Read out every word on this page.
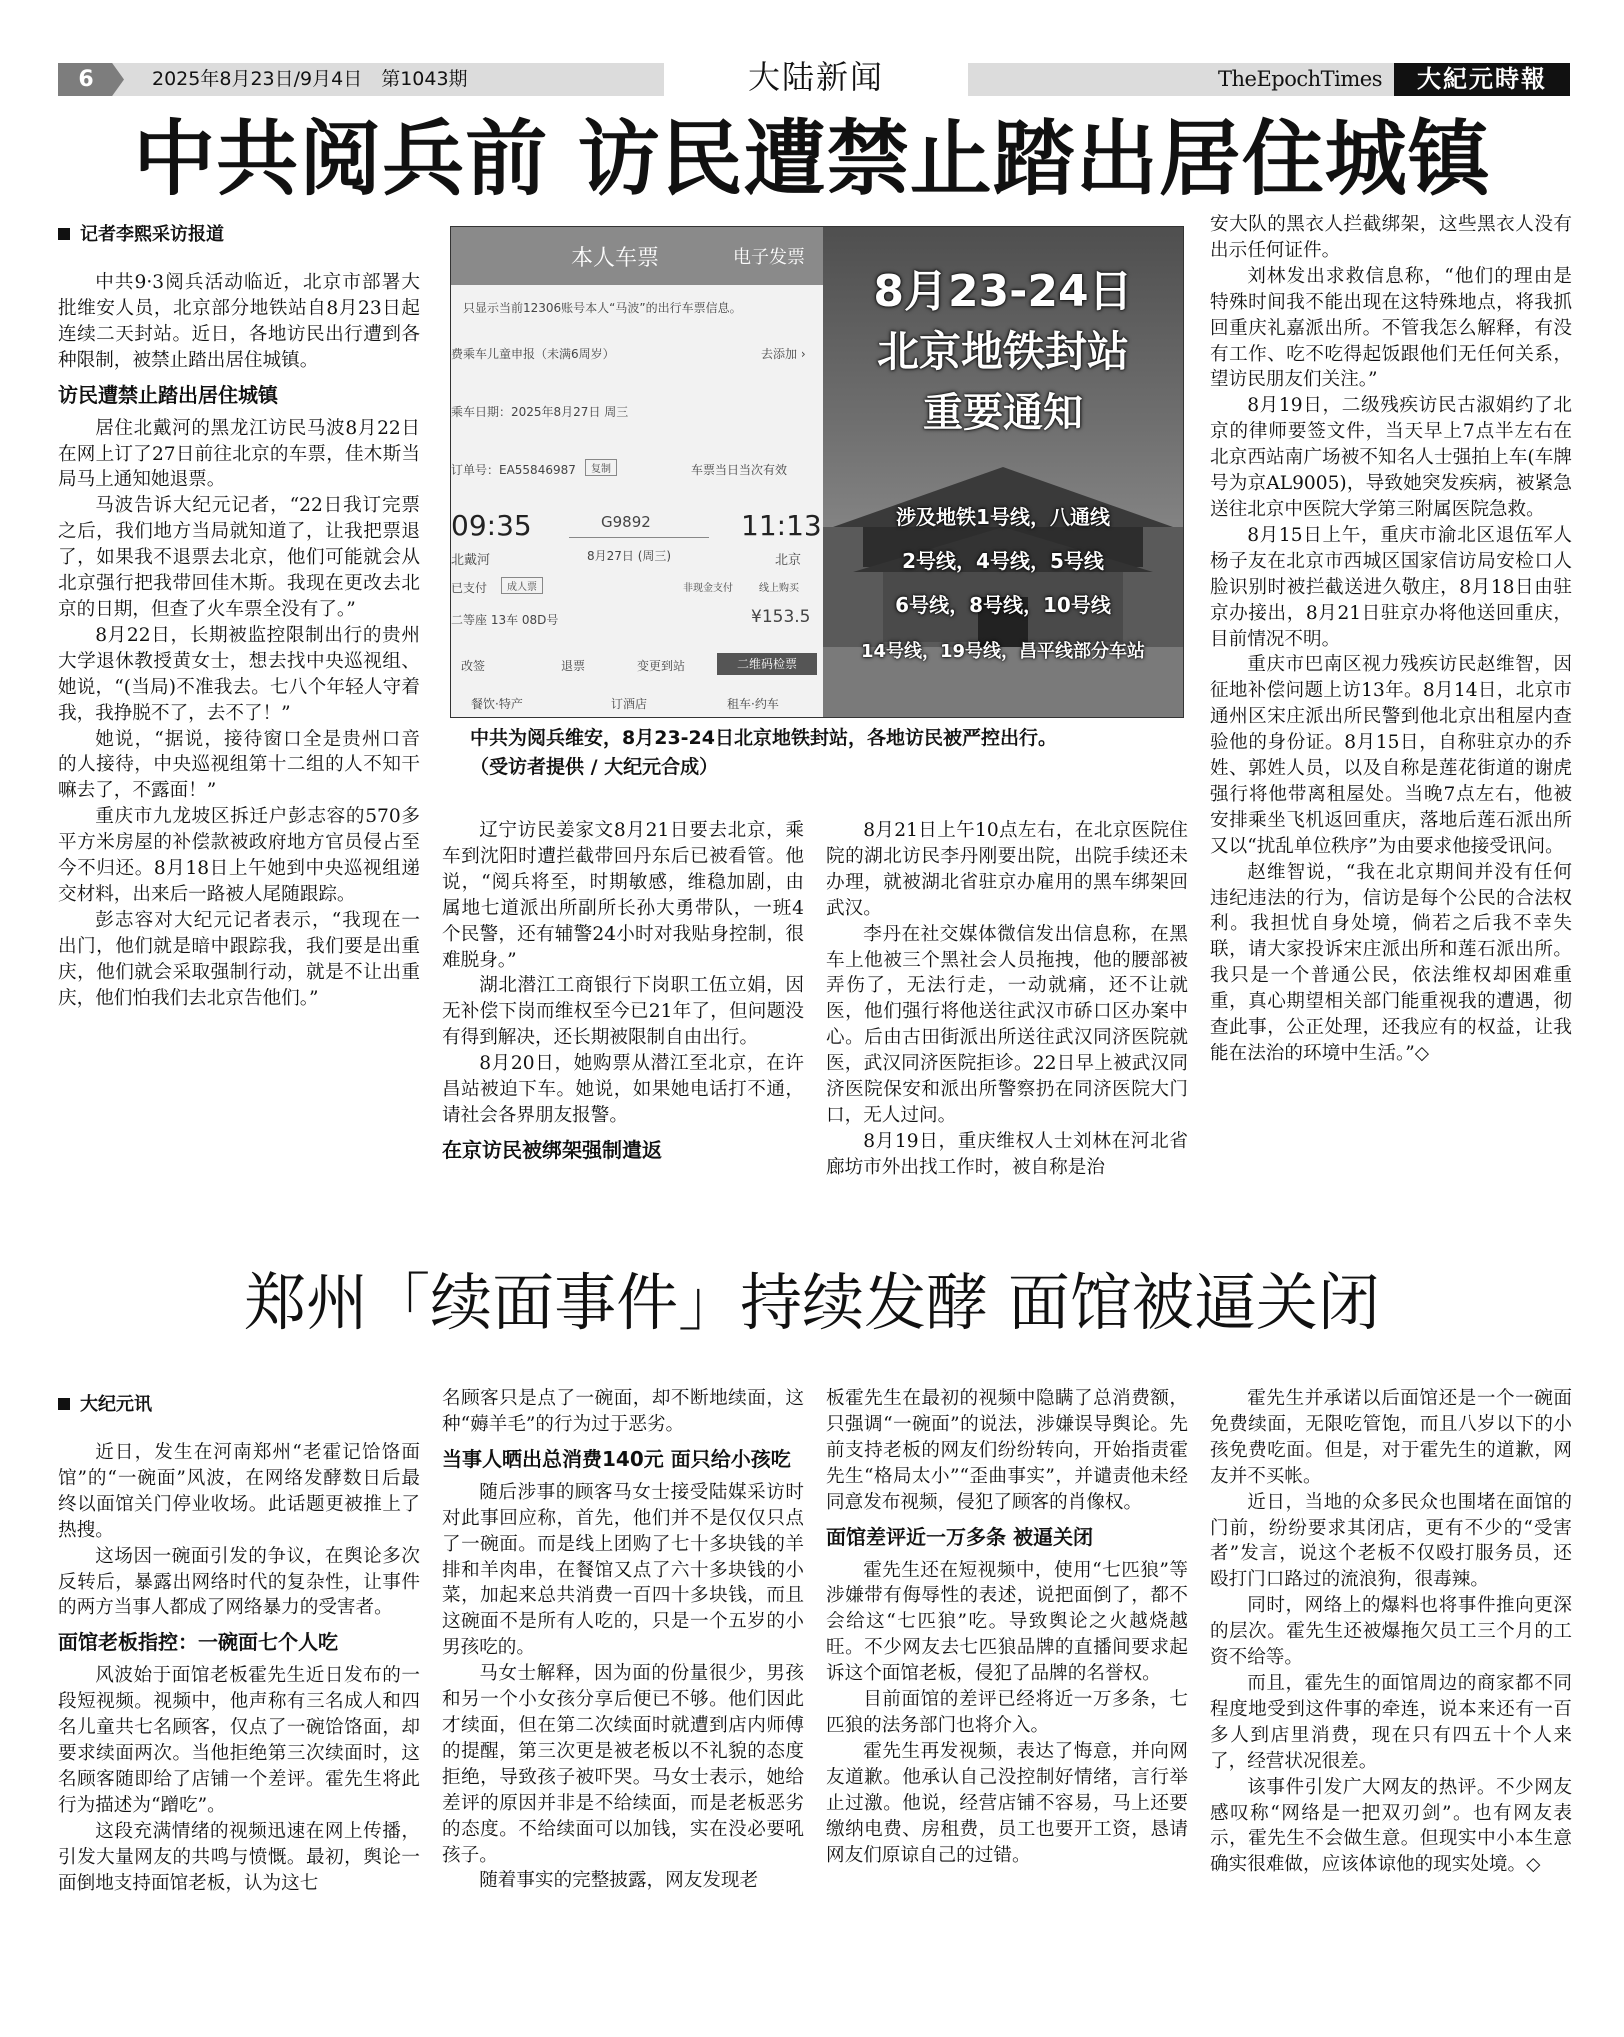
6	2025年8月23日/9月4日　第1043期	大陆新闻	TheEpochTimes	大紀元時報
中共阅兵前 访民遭禁止踏出居住城镇

记者李熙采访报道

中共9·3阅兵活动临近，北京市部署大批维安人员，北京部分地铁站自8月23日起连续二天封站。近日，各地访民出行遭到各种限制，被禁止踏出居住城镇。

访民遭禁止踏出居住城镇

居住北戴河的黑龙江访民马波8月22日在网上订了27日前往北京的车票，佳木斯当局马上通知她退票。

马波告诉大纪元记者，“22日我订完票之后，我们地方当局就知道了，让我把票退了，如果我不退票去北京，他们可能就会从北京强行把我带回佳木斯。我现在更改去北京的日期，但查了火车票全没有了。”

8月22日，长期被监控限制出行的贵州大学退休教授黄女士，想去找中央巡视组、她说，“(当局)不准我去。七八个年轻人守着我，我挣脱不了，去不了！”

她说，“据说，接待窗口全是贵州口音的人接待，中央巡视组第十二组的人不知干嘛去了，不露面！”

重庆市九龙坡区拆迁户彭志容的570多平方米房屋的补偿款被政府地方官员侵占至今不归还。8月18日上午她到中央巡视组递交材料，出来后一路被人尾随跟踪。

彭志容对大纪元记者表示，“我现在一出门，他们就是暗中跟踪我，我们要是出重庆，他们就会采取强制行动，就是不让出重庆，他们怕我们去北京告他们。”

本人车票	电子发票
只显示当前12306账号本人“马波”的出行车票信息。
费乘车儿童申报（未满6周岁）	去添加 ›
乘车日期：2025年8月27日 周三
订单号：EA55846987	复制	车票当日当次有效
09:35	G9892	11:13
北戴河	8月27日 (周三)	北京
已支付	成人票	非现金支付	线上购买
二等座 13车 08D号	¥153.5
改签	退票	变更到站	二维码检票
餐饮·特产	订酒店	租车·约车
8月23-24日
北京地铁封站
重要通知
涉及地铁1号线，八通线
2号线，4号线，5号线
6号线，8号线，10号线
14号线，19号线，昌平线部分车站
中共为阅兵维安，8月23-24日北京地铁封站，各地访民被严控出行。
（受访者提供 / 大纪元合成）

辽宁访民姜家文8月21日要去北京，乘车到沈阳时遭拦截带回丹东后已被看管。他说，“阅兵将至，时期敏感，维稳加剧，由属地七道派出所副所长孙大勇带队，一班4个民警，还有辅警24小时对我贴身控制，很难脱身。”

湖北潜江工商银行下岗职工伍立娟，因无补偿下岗而维权至今已21年了，但问题没有得到解决，还长期被限制自由出行。

8月20日，她购票从潜江至北京，在许昌站被迫下车。她说，如果她电话打不通，请社会各界朋友报警。

在京访民被绑架强制遣返

8月21日上午10点左右，在北京医院住院的湖北访民李丹刚要出院，出院手续还未办理，就被湖北省驻京办雇用的黑车绑架回武汉。

李丹在社交媒体微信发出信息称，在黑车上他被三个黑社会人员拖拽，他的腰部被弄伤了，无法行走，一动就痛，还不让就医，他们强行将他送往武汉市硚口区办案中心。后由古田街派出所送往武汉同济医院就医，武汉同济医院拒诊。22日早上被武汉同济医院保安和派出所警察扔在同济医院大门口，无人过问。

8月19日，重庆维权人士刘林在河北省廊坊市外出找工作时，被自称是治

安大队的黑衣人拦截绑架，这些黑衣人没有出示任何证件。

刘林发出求救信息称，“他们的理由是特殊时间我不能出现在这特殊地点，将我抓回重庆礼嘉派出所。不管我怎么解释，有没有工作、吃不吃得起饭跟他们无任何关系，望访民朋友们关注。”

8月19日，二级残疾访民古淑娟约了北京的律师要签文件，当天早上7点半左右在北京西站南广场被不知名人士强拍上车(车牌号为京AL9005)，导致她突发疾病，被紧急送往北京中医院大学第三附属医院急救。

8月15日上午，重庆市渝北区退伍军人杨子友在北京市西城区国家信访局安检口人脸识别时被拦截送进久敬庄，8月18日由驻京办接出，8月21日驻京办将他送回重庆，目前情况不明。

重庆市巴南区视力残疾访民赵维智，因征地补偿问题上访13年。8月14日，北京市通州区宋庄派出所民警到他北京出租屋内查验他的身份证。8月15日，自称驻京办的乔姓、郭姓人员，以及自称是莲花街道的谢虎强行将他带离租屋处。当晚7点左右，他被安排乘坐飞机返回重庆，落地后莲石派出所又以“扰乱单位秩序”为由要求他接受讯问。

赵维智说，“我在北京期间并没有任何违纪违法的行为，信访是每个公民的合法权利。我担忧自身处境，倘若之后我不幸失联，请大家投诉宋庄派出所和莲石派出所。我只是一个普通公民，依法维权却困难重重，真心期望相关部门能重视我的遭遇，彻查此事，公正处理，还我应有的权益，让我能在法治的环境中生活。”◇

郑州「续面事件」持续发酵 面馆被逼关闭

大纪元讯

近日，发生在河南郑州“老霍记饸饹面馆”的“一碗面”风波，在网络发酵数日后最终以面馆关门停业收场。此话题更被推上了热搜。

这场因一碗面引发的争议，在舆论多次反转后，暴露出网络时代的复杂性，让事件的两方当事人都成了网络暴力的受害者。

面馆老板指控：一碗面七个人吃

风波始于面馆老板霍先生近日发布的一段短视频。视频中，他声称有三名成人和四名儿童共七名顾客，仅点了一碗饸饹面，却要求续面两次。当他拒绝第三次续面时，这名顾客随即给了店铺一个差评。霍先生将此行为描述为“蹭吃”。

这段充满情绪的视频迅速在网上传播，引发大量网友的共鸣与愤慨。最初，舆论一面倒地支持面馆老板，认为这七

名顾客只是点了一碗面，却不断地续面，这种“薅羊毛”的行为过于恶劣。

当事人晒出总消费140元 面只给小孩吃

随后涉事的顾客马女士接受陆媒采访时对此事回应称，首先，他们并不是仅仅只点了一碗面。而是线上团购了七十多块钱的羊排和羊肉串，在餐馆又点了六十多块钱的小菜，加起来总共消费一百四十多块钱，而且这碗面不是所有人吃的，只是一个五岁的小男孩吃的。

马女士解释，因为面的份量很少，男孩和另一个小女孩分享后便已不够。他们因此才续面，但在第二次续面时就遭到店内师傅的提醒，第三次更是被老板以不礼貌的态度拒绝，导致孩子被吓哭。马女士表示，她给差评的原因并非是不给续面，而是老板恶劣的态度。不给续面可以加钱，实在没必要吼孩子。

随着事实的完整披露，网友发现老

板霍先生在最初的视频中隐瞒了总消费额，只强调“一碗面”的说法，涉嫌误导舆论。先前支持老板的网友们纷纷转向，开始指责霍先生“格局太小”“歪曲事实”，并谴责他未经同意发布视频，侵犯了顾客的肖像权。

面馆差评近一万多条 被逼关闭

霍先生还在短视频中，使用“七匹狼”等涉嫌带有侮辱性的表述，说把面倒了，都不会给这“七匹狼”吃。导致舆论之火越烧越旺。不少网友去七匹狼品牌的直播间要求起诉这个面馆老板，侵犯了品牌的名誉权。

目前面馆的差评已经将近一万多条，七匹狼的法务部门也将介入。

霍先生再发视频，表达了悔意，并向网友道歉。他承认自己没控制好情绪，言行举止过激。他说，经营店铺不容易，马上还要缴纳电费、房租费，员工也要开工资，恳请网友们原谅自己的过错。

霍先生并承诺以后面馆还是一个一碗面免费续面，无限吃管饱，而且八岁以下的小孩免费吃面。但是，对于霍先生的道歉，网友并不买帐。

近日，当地的众多民众也围堵在面馆的门前，纷纷要求其闭店，更有不少的“受害者”发言，说这个老板不仅殴打服务员，还殴打门口路过的流浪狗，很毒辣。

同时，网络上的爆料也将事件推向更深的层次。霍先生还被爆拖欠员工三个月的工资不给等。

而且，霍先生的面馆周边的商家都不同程度地受到这件事的牵连，说本来还有一百多人到店里消费，现在只有四五十个人来了，经营状况很差。

该事件引发广大网友的热评。不少网友感叹称“网络是一把双刃剑”。也有网友表示，霍先生不会做生意。但现实中小本生意确实很难做，应该体谅他的现实处境。◇
